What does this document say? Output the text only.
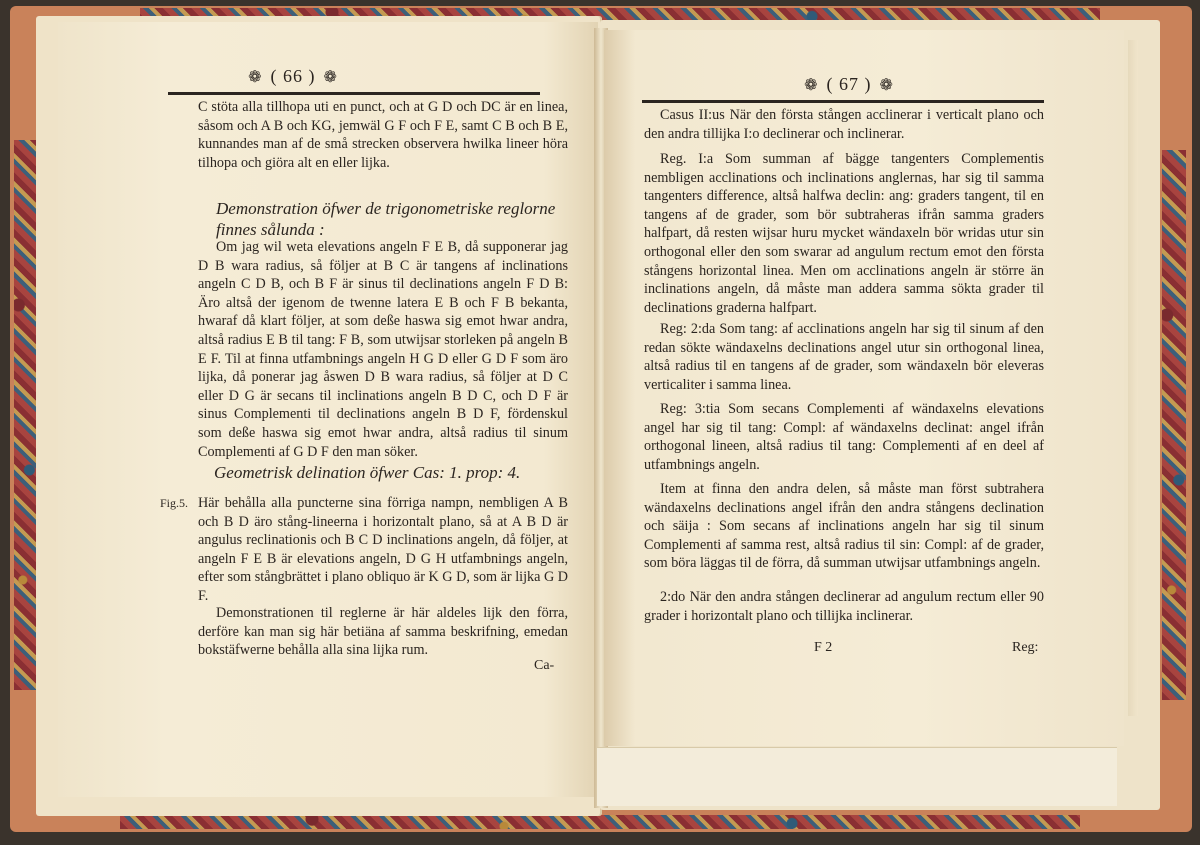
❁ ( 66 ) ❁

C stöta alla tillhopa uti en punct, och at G D och DC är en linea, såsom och A B och KG, jemwäl G F och F E, samt C B och B E, kunnandes man af de små strecken observera hwilka lineer höra tilhopa och giöra alt en eller lijka.

Demonstration öfwer de trigonometriske reglorne finnes sålunda :

Om jag wil weta elevations angeln F E B, då supponerar jag D B wara radius, så följer at B C är tangens af inclinations angeln C D B, och B F är sinus til declinations angeln F D B: Äro altså der igenom de twenne latera E B och F B bekanta, hwaraf då klart följer, at som deße haswa sig emot hwar andra, altså radius E B til tang: F B, som utwijsar storleken på angeln B E F. Til at finna utfambnings angeln H G D eller G D F som äro lijka, då ponerar jag åswen D B wara radius, så följer at D C eller D G är secans til inclinations angeln B D C, och D F är sinus Complementi til declinations angeln B D F, fördenskul som deße haswa sig emot hwar andra, altså radius til sinum Complementi af G D F den man söker.

Geometrisk delination öfwer Cas: 1. prop: 4.

Fig.5. Här behålla alla puncterne sina förriga nampn, nembligen A B och B D äro stång-lineerna i horizontalt plano, så at A B D är angulus reclinationis och B C D inclinations angeln, då följer, at angeln F E B är elevations angeln, D G H utfambnings angeln, efter som stångbrättet i plano obliquo är K G D, som är lijka G D F.

Demonstrationen til reglerne är här aldeles lijk den förra, derföre kan man sig här betiäna af samma beskrifning, emedan bokstäfwerne behålla alla sina lijka rum.

Ca-
❁ ( 67 ) ❁

Casus II:us När den första stången acclinerar i verticalt plano och den andra tillijka I:o declinerar och inclinerar.

Reg. I:a Som summan af bägge tangenters Complementis nembligen acclinations och inclinations anglernas, har sig til samma tangenters difference, altså halfwa declin: ang: graders tangent, til en tangens af de grader, som bör subtraheras ifrån samma graders halfpart, då resten wijsar huru mycket wändaxeln bör wridas utur sin orthogonal eller den som swarar ad angulum rectum emot den första stångens horizontal linea. Men om acclinations angeln är större än inclinations angeln, då måste man addera samma sökta grader til declinations graderna halfpart.

Reg: 2:da Som tang: af acclinations angeln har sig til sinum af den redan sökte wändaxelns declinations angel utur sin orthogonal linea, altså radius til en tangens af de grader, som wändaxeln bör eleveras verticaliter i samma linea.

Reg: 3:tia Som secans Complementi af wändaxelns elevations angel har sig til tang: Compl: af wändaxelns declinat: angel ifrån orthogonal lineen, altså radius til tang: Complementi af en deel af utfambnings angeln.

Item at finna den andra delen, så måste man först subtrahera wändaxelns declinations angel ifrån den andra stångens declination och säija : Som secans af inclinations angeln har sig til sinum Complementi af samma rest, altså radius til sin: Compl: af de grader, som böra läggas til de förra, då summan utwijsar utfambnings angeln.

2:do När den andra stången declinerar ad angulum rectum eller 90 grader i horizontalt plano och tillijka inclinerar.

F 2	Reg:
